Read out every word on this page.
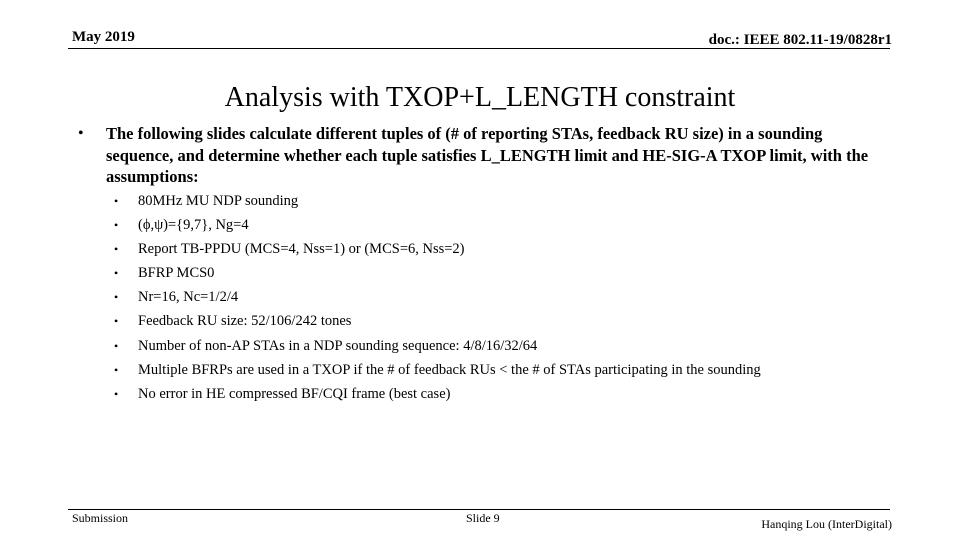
May 2019	doc.: IEEE 802.11-19/0828r1
Analysis with TXOP+L_LENGTH constraint
• The following slides calculate different tuples of (# of reporting STAs, feedback RU size) in a sounding sequence, and determine whether each tuple satisfies L_LENGTH limit and HE-SIG-A TXOP limit, with the assumptions:
• 80MHz MU NDP sounding
• (ϕ,ψ)={9,7}, Ng=4
• Report TB-PPDU (MCS=4, Nss=1) or (MCS=6, Nss=2)
• BFRP MCS0
• Nr=16, Nc=1/2/4
• Feedback RU size: 52/106/242 tones
• Number of non-AP STAs in a NDP sounding sequence: 4/8/16/32/64
• Multiple BFRPs are used in a TXOP if the # of feedback RUs < the # of STAs participating in the sounding
• No error in HE compressed BF/CQI frame (best case)
Submission	Slide 9	Hanqing Lou (InterDigital)
